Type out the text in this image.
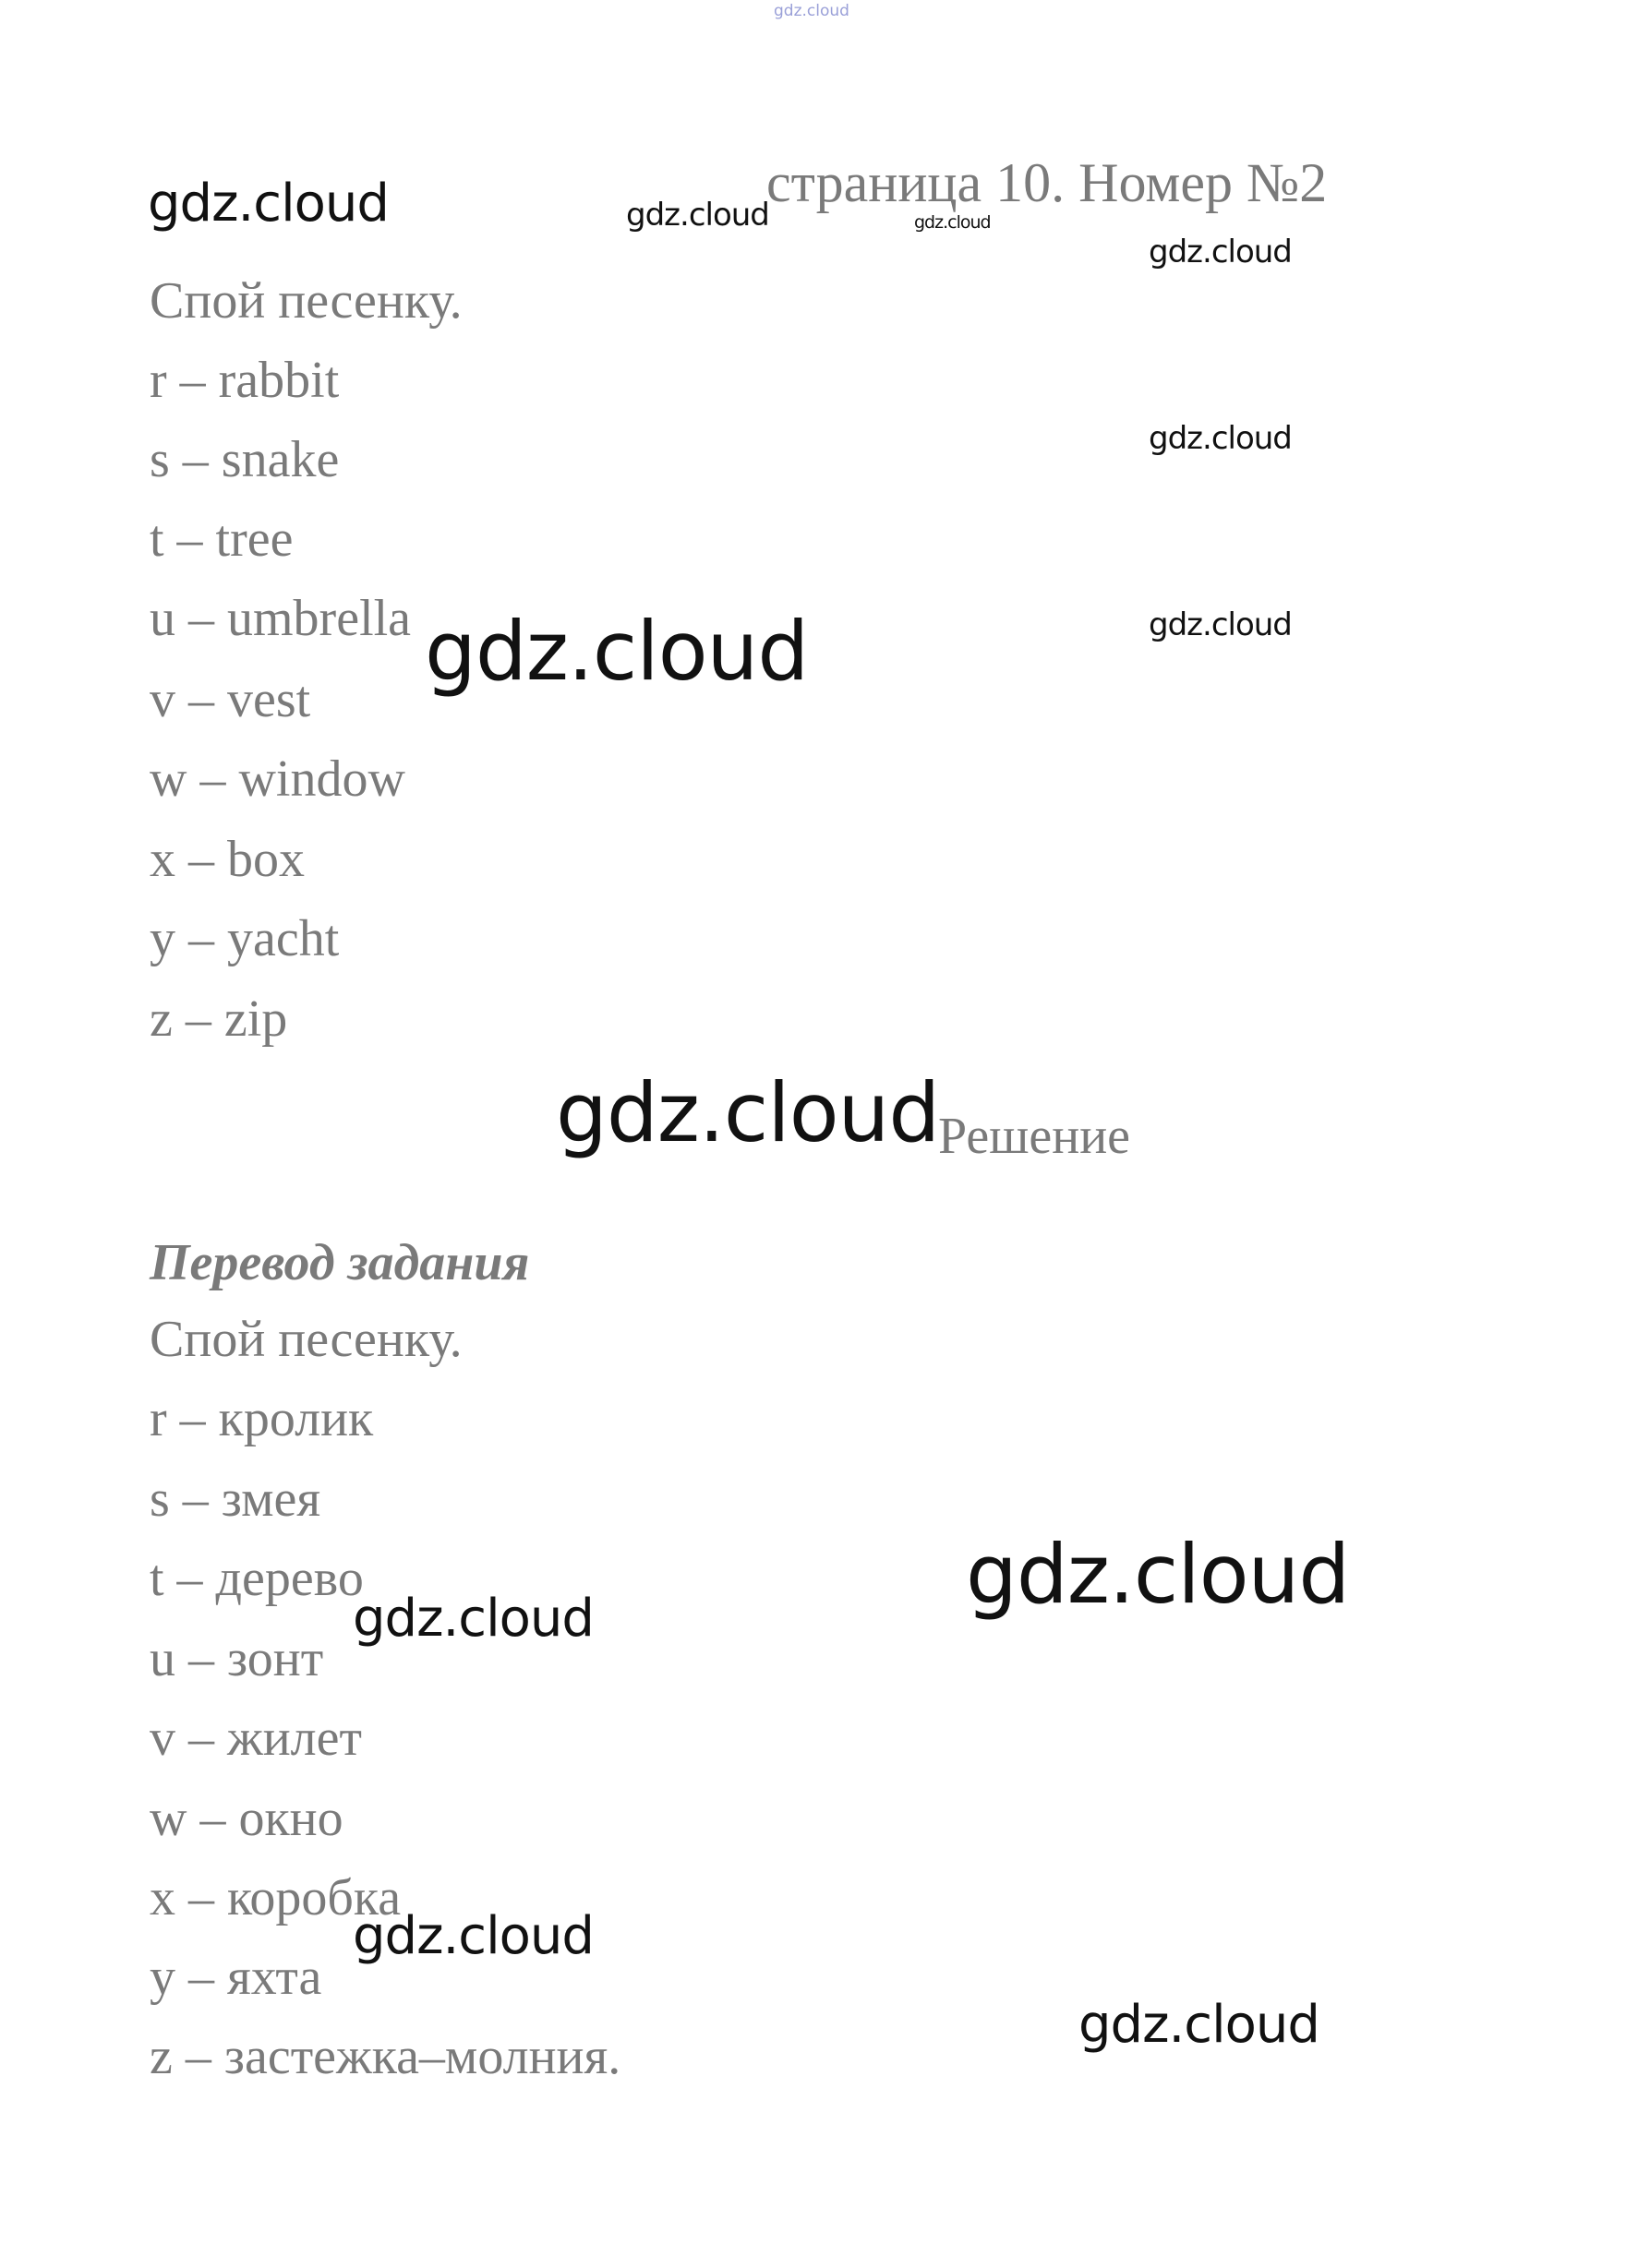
gdz.cloud
страница 10. Номер №2
Спой песенку.
r – rabbit
s – snake
t – tree
u – umbrella
v – vest
w – window
x – box
y – yacht
z – zip
Решение
Перевод задания
Спой песенку.
r – кролик
s – змея
t – дерево
u – зонт
v – жилет
w – окно
x – коробка
y – яхта
z – застежка–молния.
gdz.cloud	gdz.cloud	gdz.cloud
gdz.cloud
gdz.cloud
gdz.cloud
gdz.cloud
gdz.cloud
gdz.cloud
gdz.cloud
gdz.cloud
gdz.cloud
